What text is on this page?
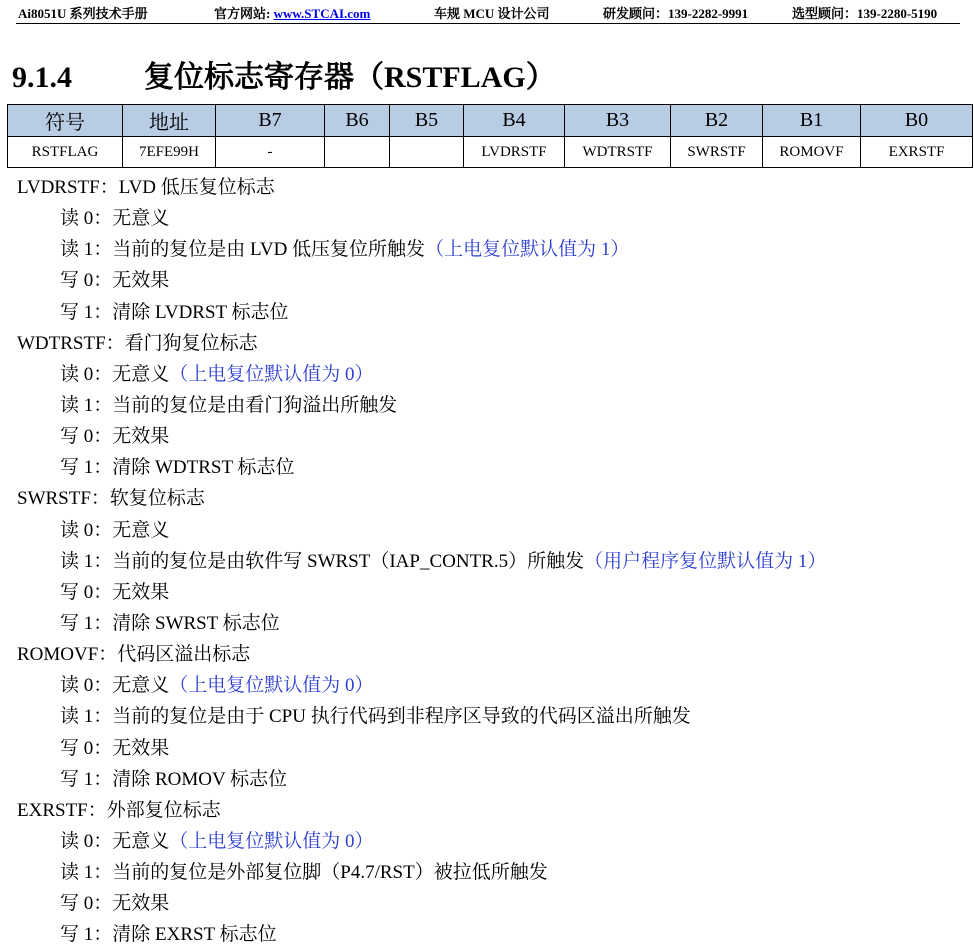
Ai8051U 系列技术手册	官方网站: www.STCAI.com	车规 MCU 设计公司	研发顾问：139-2282-9991	选型顾问：139-2280-5190
9.1.4 复位标志寄存器（RSTFLAG）
符号	地址	B7	B6	B5	B4	B3	B2	B1	B0
RSTFLAG	7EFE99H	-			LVDRSTF	WDTRSTF	SWRSTF	ROMOVF	EXRSTF
LVDRSTF：LVD 低压复位标志
读 0：无意义
读 1：当前的复位是由 LVD 低压复位所触发（上电复位默认值为 1）
写 0：无效果
写 1：清除 LVDRST 标志位
WDTRSTF：看门狗复位标志
读 0：无意义（上电复位默认值为 0）
读 1：当前的复位是由看门狗溢出所触发
写 0：无效果
写 1：清除 WDTRST 标志位
SWRSTF：软复位标志
读 0：无意义
读 1：当前的复位是由软件写 SWRST（IAP_CONTR.5）所触发（用户程序复位默认值为 1）
写 0：无效果
写 1：清除 SWRST 标志位
ROMOVF：代码区溢出标志
读 0：无意义（上电复位默认值为 0）
读 1：当前的复位是由于 CPU 执行代码到非程序区导致的代码区溢出所触发
写 0：无效果
写 1：清除 ROMOV 标志位
EXRSTF：外部复位标志
读 0：无意义（上电复位默认值为 0）
读 1：当前的复位是外部复位脚（P4.7/RST）被拉低所触发
写 0：无效果
写 1：清除 EXRST 标志位
